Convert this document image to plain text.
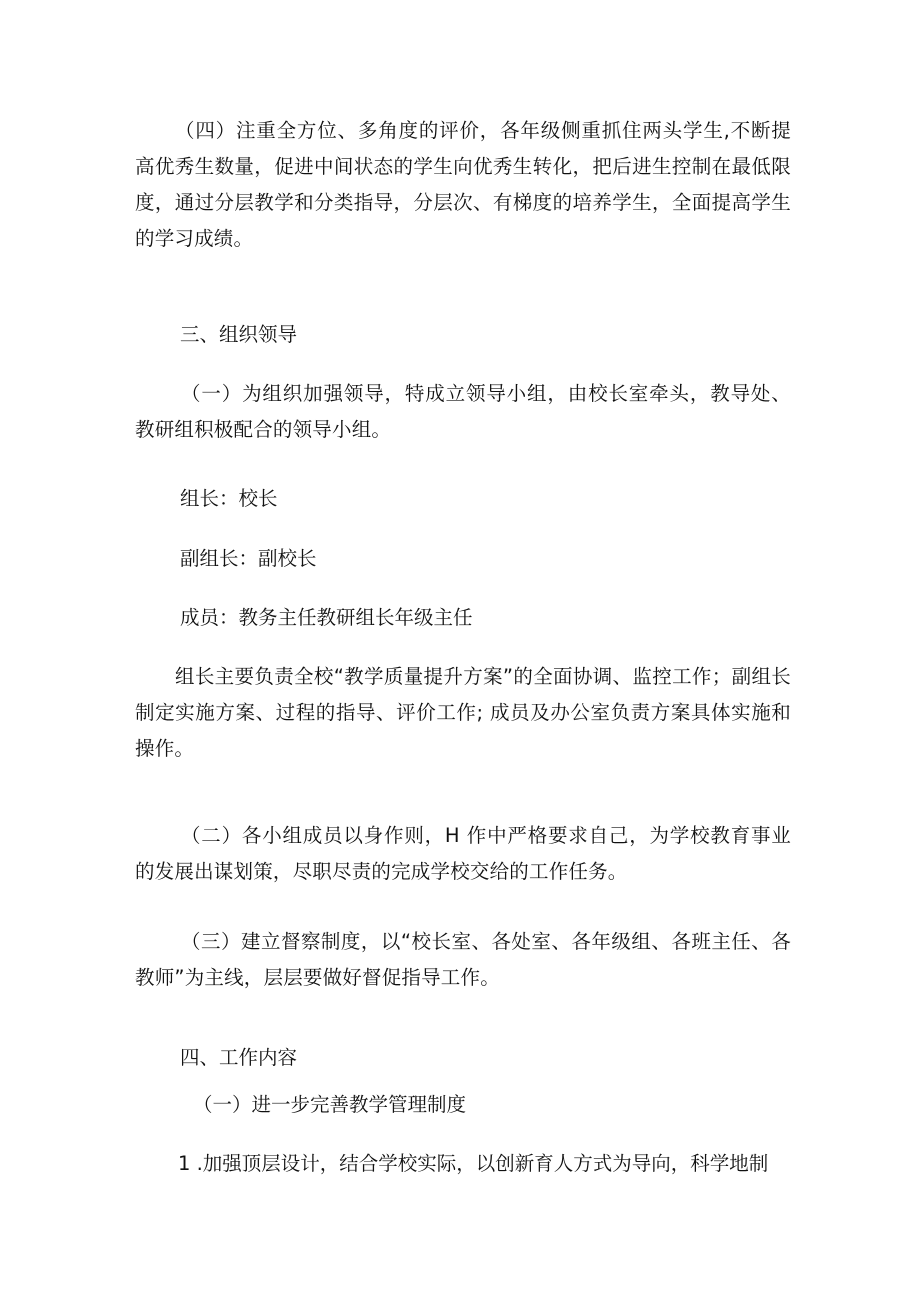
（四）注重全方位、多角度的评价，各年级侧重抓住两头学生,不断提高优秀生数量，促进中间状态的学生向优秀生转化，把后进生控制在最低限度，通过分层教学和分类指导，分层次、有梯度的培养学生，全面提高学生的学习成绩。

三、组织领导

（一）为组织加强领导，特成立领导小组，由校长室牵头，教导处、教研组积极配合的领导小组。

组长：校长

副组长：副校长

成员：教务主任教研组长年级主任

组长主要负责全校“教学质量提升方案”的全面协调、监控工作；副组长制定实施方案、过程的指导、评价工作; 成员及办公室负责方案具体实施和操作。

（二）各小组成员以身作则，H 作中严格要求自己，为学校教育事业的发展出谋划策，尽职尽责的完成学校交给的工作任务。

（三）建立督察制度，以“校长室、各处室、各年级组、各班主任、各教师”为主线，层层要做好督促指导工作。

四、工作内容

（一）进一步完善教学管理制度

1 .加强顶层设计，结合学校实际，以创新育人方式为导向，科学地制
